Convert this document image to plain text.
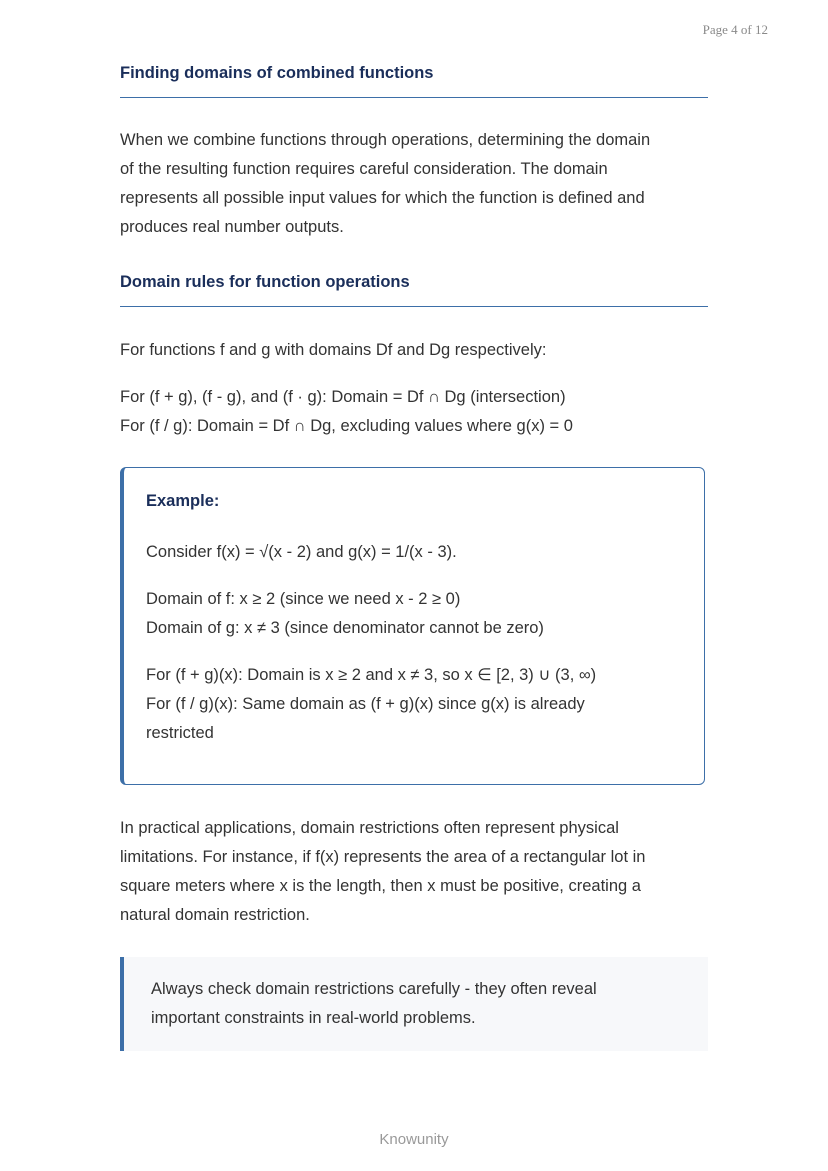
Page 4 of 12
Finding domains of combined functions

When we combine functions through operations, determining the domain
of the resulting function requires careful consideration. The domain
represents all possible input values for which the function is defined and
produces real number outputs.

Domain rules for function operations

For functions f and g with domains Df and Dg respectively:

For (f + g), (f - g), and (f · g): Domain = Df ∩ Dg (intersection)
For (f / g): Domain = Df ∩ Dg, excluding values where g(x) = 0

Example:

Consider f(x) = √(x - 2) and g(x) = 1/(x - 3).

Domain of f: x ≥ 2 (since we need x - 2 ≥ 0)
Domain of g: x ≠ 3 (since denominator cannot be zero)

For (f + g)(x): Domain is x ≥ 2 and x ≠ 3, so x ∈ [2, 3) ∪ (3, ∞)
For (f / g)(x): Same domain as (f + g)(x) since g(x) is already
restricted

In practical applications, domain restrictions often represent physical
limitations. For instance, if f(x) represents the area of a rectangular lot in
square meters where x is the length, then x must be positive, creating a
natural domain restriction.

Always check domain restrictions carefully - they often reveal
important constraints in real-world problems.

Knowunity
